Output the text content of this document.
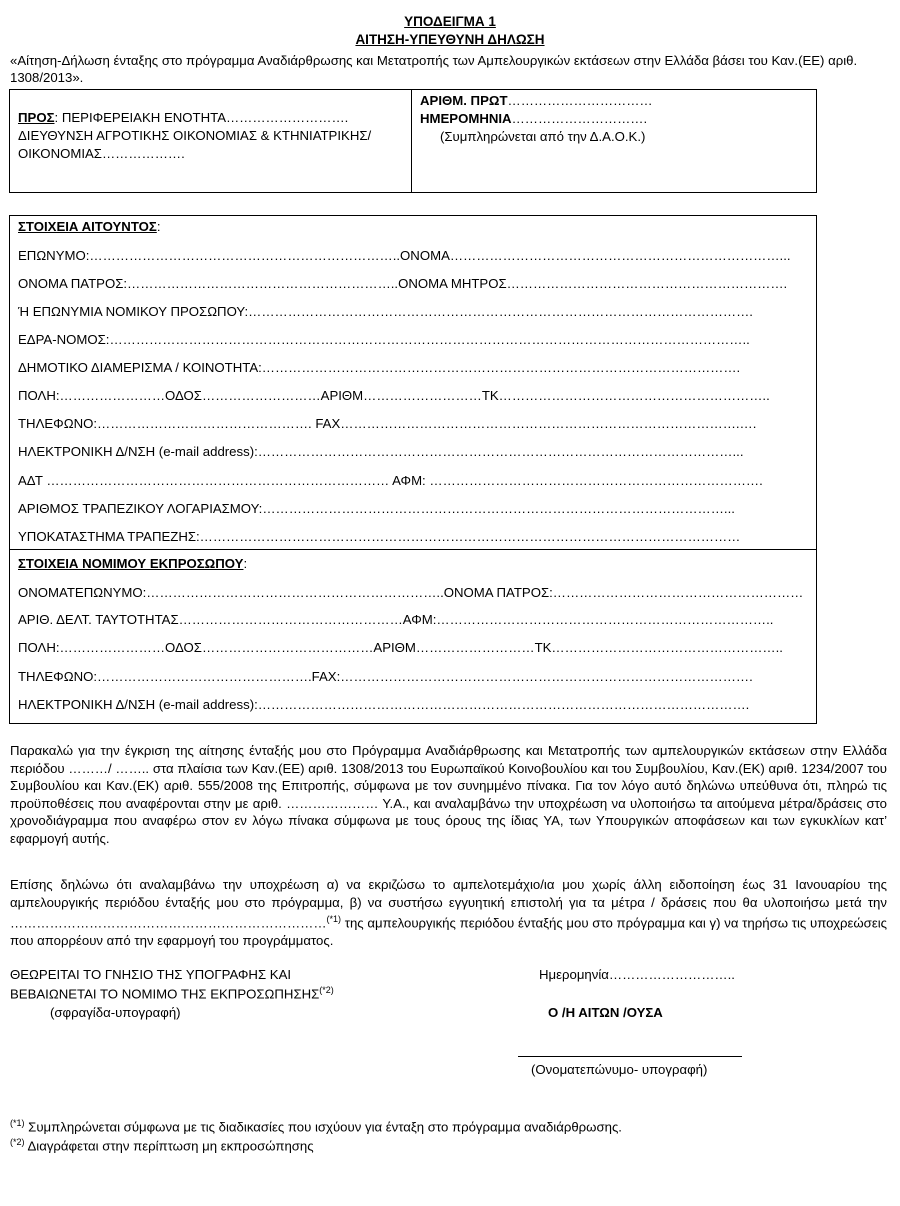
ΥΠΟΔΕΙΓΜΑ 1
ΑΙΤΗΣΗ-ΥΠΕΥΘΥΝΗ ΔΗΛΩΣΗ
«Αίτηση-Δήλωση ένταξης στο πρόγραμμα Αναδιάρθρωσης και Μετατροπής των Αμπελουργικών εκτάσεων στην Ελλάδα βάσει του Καν.(ΕΕ) αριθ.
1308/2013».
ΠΡΟΣ: ΠΕΡΙΦΕΡΕΙΑΚΗ ΕΝΟΤΗΤΑ……………………….
ΔΙΕΥΘΥΝΣΗ ΑΓΡΟΤΙΚΗΣ ΟΙΚΟΝΟΜΙΑΣ & ΚΤΗΝΙΑΤΡΙΚΗΣ/
ΟΙΚΟΝΟΜΙΑΣ……………….
ΑΡΙΘΜ. ΠΡΩΤ……………………………
ΗΜΕΡΟΜΗΝΙΑ………………………….
(Συμπληρώνεται από την Δ.Α.Ο.Κ.)
ΣΤΟΙΧΕΙΑ ΑΙΤΟΥΝΤΟΣ:
ΕΠΩΝΥΜΟ:……………………………………………………………..ΟΝΟΜΑ…………………………………………………………………...
ΟΝΟΜΑ ΠΑΤΡΟΣ:……………………………………………………..ΟΝΟΜΑ ΜΗΤΡΟΣ……………………………………………………….
Ή ΕΠΩΝΥΜΙΑ ΝΟΜΙΚΟΥ ΠΡΟΣΩΠΟΥ:…………………………………………………………………………………………………….
ΕΔΡΑ-ΝΟΜΟΣ:………………………………………………………………………………………………………………………………..
ΔΗΜΟΤΙΚΟ ΔΙΑΜΕΡΙΣΜΑ / ΚΟΙΝΟΤΗΤΑ:……………………………………………………………………………………………….
ΠΟΛΗ:……………………ΟΔΟΣ………………………ΑΡΙΘΜ………………………ΤΚ……………………………………………………..
ΤΗΛΕΦΩΝΟ:…………………………………………. FAX……………………………………………………………………………….….
ΗΛΕΚΤΡΟΝΙΚΗ Δ/ΝΣΗ (e-mail address):………………………………………………………………………………………………...
ΑΔΤ …………………………………………………………………… ΑΦΜ: ………………………………………………………………….
ΑΡΙΘΜΟΣ ΤΡΑΠΕΖΙΚΟΥ ΛΟΓΑΡΙΑΣΜΟΥ:……………………………………………………………………………………………...
ΥΠΟΚΑΤΑΣΤΗΜΑ ΤΡΑΠΕΖΗΣ:……………………………………………………………………………………………………………
ΣΤΟΙΧΕΙΑ ΝΟΜΙΜΟΥ ΕΚΠΡΟΣΩΠΟΥ:
ΟΝΟΜΑΤΕΠΩΝΥΜΟ:…………………………………………………………..ΟΝΟΜΑ ΠΑΤΡΟΣ:…………………………………………………
ΑΡΙΘ. ΔΕΛΤ. ΤΑΥΤΟΤΗΤΑΣ……………………………………………ΑΦΜ:…………………………………………………………………..
ΠΟΛΗ:……………………ΟΔΟΣ…………………………………ΑΡΙΘΜ………………………ΤΚ……………………………………………..
ΤΗΛΕΦΩΝΟ:………………………………………….FAX:………………………………………………………………………………….
ΗΛΕΚΤΡΟΝΙΚΗ Δ/ΝΣΗ (e-mail address):………………………………………………………………………………………………….
Παρακαλώ για την έγκριση της αίτησης ένταξής μου στο Πρόγραμμα Αναδιάρθρωσης και Μετατροπής των αμπελουργικών εκτάσεων στην Ελλάδα περιόδου ………/ …….. στα πλαίσια των Καν.(ΕΕ) αριθ. 1308/2013 του Ευρωπαϊκού Κοινοβουλίου και του Συμβουλίου, Καν.(ΕΚ) αριθ. 1234/2007 του Συμβουλίου και Καν.(ΕΚ) αριθ. 555/2008 της Επιτροπής, σύμφωνα με τον συνημμένο πίνακα. Για τον λόγο αυτό δηλώνω υπεύθυνα ότι, πληρώ τις προϋποθέσεις που αναφέρονται στην με αριθ. ………………… Υ.Α., και αναλαμβάνω την υποχρέωση να υλοποιήσω τα αιτούμενα μέτρα/δράσεις στο χρονοδιάγραμμα που αναφέρω στον εν λόγω πίνακα σύμφωνα με τους όρους της ίδιας ΥΑ, των Υπουργικών αποφάσεων και των εγκυκλίων κατ’ εφαρμογή αυτής.
Επίσης δηλώνω ότι αναλαμβάνω την υποχρέωση α) να εκριζώσω το αμπελοτεμάχιο/ια μου χωρίς άλλη ειδοποίηση έως 31 Ιανουαρίου της αμπελουργικής περιόδου ένταξής μου στο πρόγραμμα, β) να συστήσω εγγυητική επιστολή για τα μέτρα / δράσεις που θα υλοποιήσω μετά την ………………………………………………………………$^{(*1)}$ της αμπελουργικής περιόδου ένταξής μου στο πρόγραμμα και γ) να τηρήσω τις υποχρεώσεις που απορρέουν από την εφαρμογή του προγράμματος.
ΘΕΩΡΕΙΤΑΙ ΤΟ ΓΝΗΣΙΟ ΤΗΣ ΥΠΟΓΡΑΦΗΣ ΚΑΙ
ΒΕΒΑΙΩΝΕΤΑΙ ΤΟ ΝΟΜΙΜΟ ΤΗΣ $EK\Pi PO\Sigma\Omega\Pi H\Sigma H\Sigma^{(*2)}$
(σφραγίδα-υπογραφή)
Ημερομηνία………………………..
Ο /Η ΑΙΤΩΝ /ΟΥΣΑ
(Ονοματεπώνυμο- υπογραφή)
$^{(*1)}$ Συμπληρώνεται σύμφωνα με τις διαδικασίες που ισχύουν για ένταξη στο πρόγραμμα αναδιάρθρωσης.
$^{(*2)}$ Διαγράφεται στην περίπτωση μη εκπροσώπησης
